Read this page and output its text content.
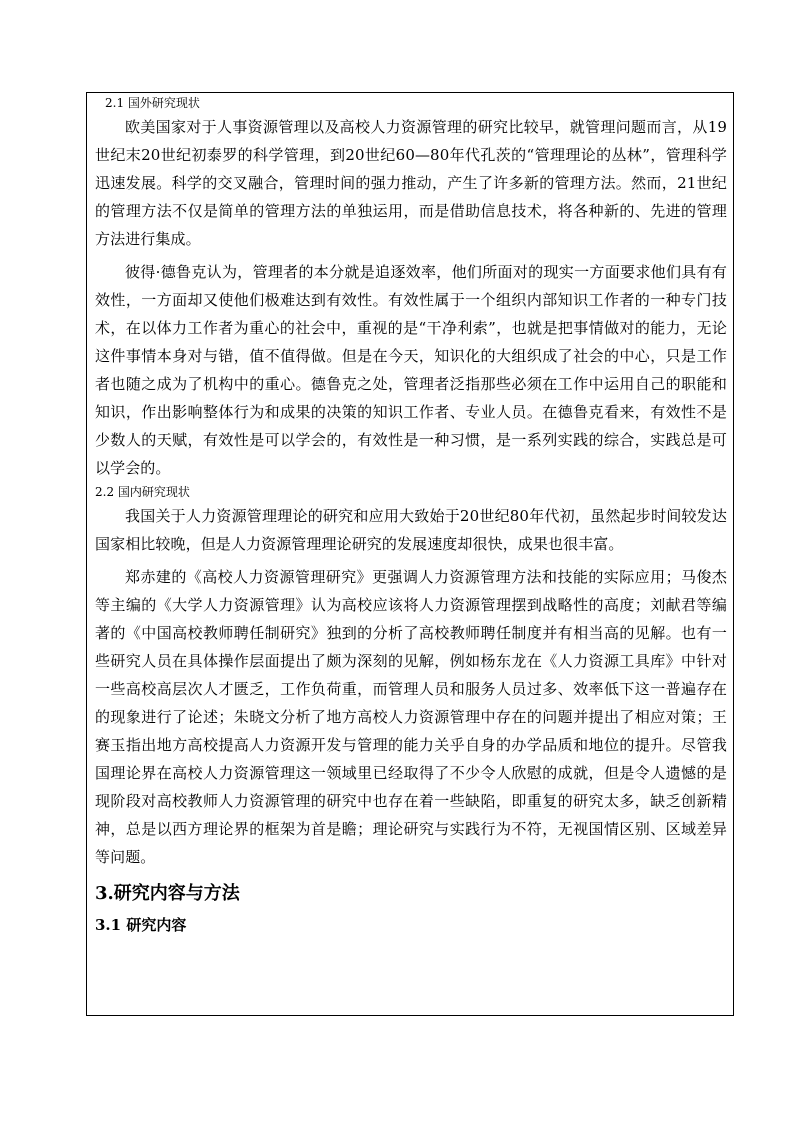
2.1 国外研究现状

欧美国家对于人事资源管理以及高校人力资源管理的研究比较早，就管理问题而言，从19世纪末20世纪初泰罗的科学管理，到20世纪60—80年代孔茨的“管理理论的丛林”，管理科学迅速发展。科学的交叉融合，管理时间的强力推动，产生了许多新的管理方法。然而，21世纪的管理方法不仅是简单的管理方法的单独运用，而是借助信息技术，将各种新的、先进的管理方法进行集成。

彼得·德鲁克认为，管理者的本分就是追逐效率，他们所面对的现实一方面要求他们具有有效性，一方面却又使他们极难达到有效性。有效性属于一个组织内部知识工作者的一种专门技术，在以体力工作者为重心的社会中，重视的是“干净利索”，也就是把事情做对的能力，无论这件事情本身对与错，值不值得做。但是在今天，知识化的大组织成了社会的中心，只是工作者也随之成为了机构中的重心。德鲁克之处，管理者泛指那些必须在工作中运用自己的职能和知识，作出影响整体行为和成果的决策的知识工作者、专业人员。在德鲁克看来，有效性不是少数人的天赋，有效性是可以学会的，有效性是一种习惯，是一系列实践的综合，实践总是可以学会的。

2.2 国内研究现状

我国关于人力资源管理理论的研究和应用大致始于20世纪80年代初，虽然起步时间较发达国家相比较晚，但是人力资源管理理论研究的发展速度却很快，成果也很丰富。

郑赤建的《高校人力资源管理研究》更强调人力资源管理方法和技能的实际应用；马俊杰等主编的《大学人力资源管理》认为高校应该将人力资源管理摆到战略性的高度；刘献君等编著的《中国高校教师聘任制研究》独到的分析了高校教师聘任制度并有相当高的见解。也有一些研究人员在具体操作层面提出了颇为深刻的见解，例如杨东龙在《人力资源工具库》中针对一些高校高层次人才匮乏，工作负荷重，而管理人员和服务人员过多、效率低下这一普遍存在的现象进行了论述；朱晓文分析了地方高校人力资源管理中存在的问题并提出了相应对策；王赛玉指出地方高校提高人力资源开发与管理的能力关乎自身的办学品质和地位的提升。尽管我国理论界在高校人力资源管理这一领域里已经取得了不少令人欣慰的成就，但是令人遗憾的是现阶段对高校教师人力资源管理的研究中也存在着一些缺陷，即重复的研究太多，缺乏创新精神，总是以西方理论界的框架为首是瞻；理论研究与实践行为不符，无视国情区别、区域差异等问题。

3.研究内容与方法
3.1 研究内容
